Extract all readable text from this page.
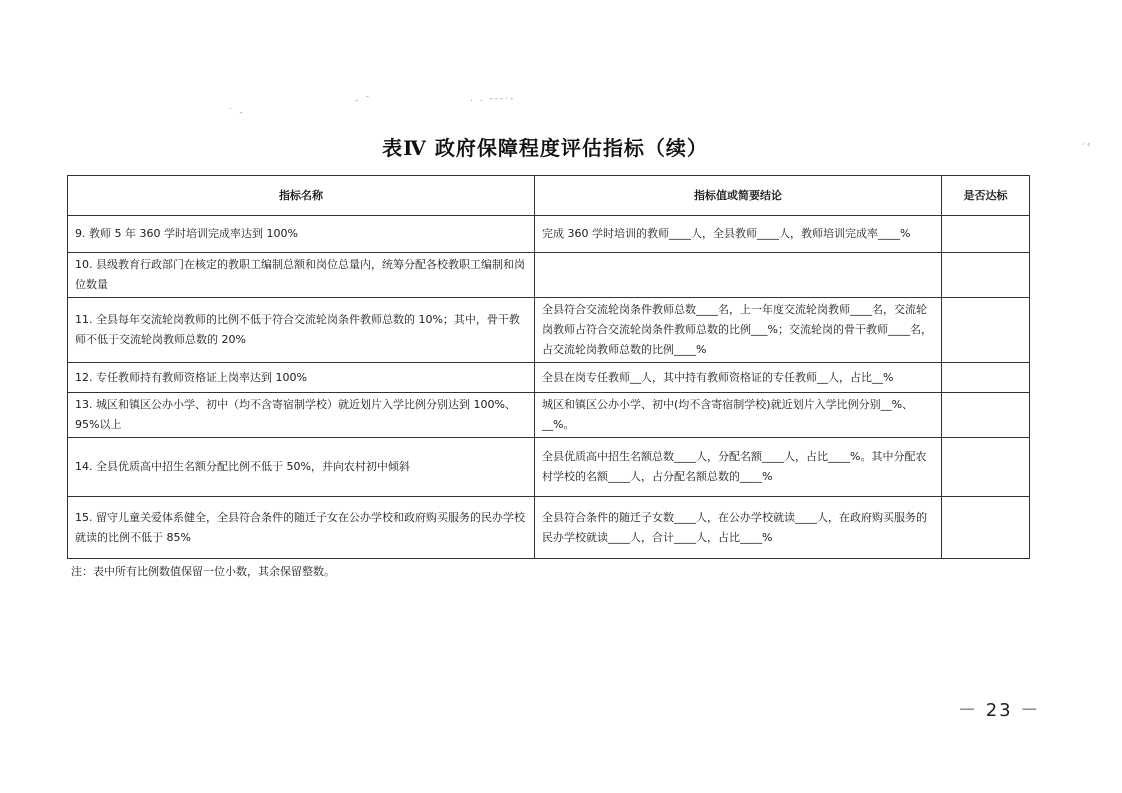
‐ ˉ	. . -‐‐·‐
˙ ‐
·‹
表Ⅳ 政府保障程度评估指标（续）
指标名称	指标值或简要结论	是否达标
9. 教师 5 年 360 学时培训完成率达到 100%	完成 360 学时培训的教师____人，全县教师____人，教师培训完成率____%	
10. 县级教育行政部门在核定的教职工编制总额和岗位总量内，统筹分配各校教职工编制和岗位数量		
11. 全县每年交流轮岗教师的比例不低于符合交流轮岗条件教师总数的 10%；其中，骨干教师不低于交流轮岗教师总数的 20%	全县符合交流轮岗条件教师总数____名，上一年度交流轮岗教师____名，交流轮岗教师占符合交流轮岗条件教师总数的比例___%；交流轮岗的骨干教师____名，占交流轮岗教师总数的比例____%	
12. 专任教师持有教师资格证上岗率达到 100%	全县在岗专任教师__人，其中持有教师资格证的专任教师__人，占比__%	
13. 城区和镇区公办小学、初中（均不含寄宿制学校）就近划片入学比例分别达到 100%、95%以上	城区和镇区公办小学、初中(均不含寄宿制学校)就近划片入学比例分别__%、__%。	
14. 全县优质高中招生名额分配比例不低于 50%，并向农村初中倾斜	全县优质高中招生名额总数____人，分配名额____人，占比____%。其中分配农村学校的名额____人，占分配名额总数的____%	
15. 留守儿童关爱体系健全，全县符合条件的随迁子女在公办学校和政府购买服务的民办学校就读的比例不低于 85%	全县符合条件的随迁子女数____人，在公办学校就读____人，在政府购买服务的民办学校就读____人，合计____人，占比____%	
注：表中所有比例数值保留一位小数，其余保留整数。
－ 23 －
